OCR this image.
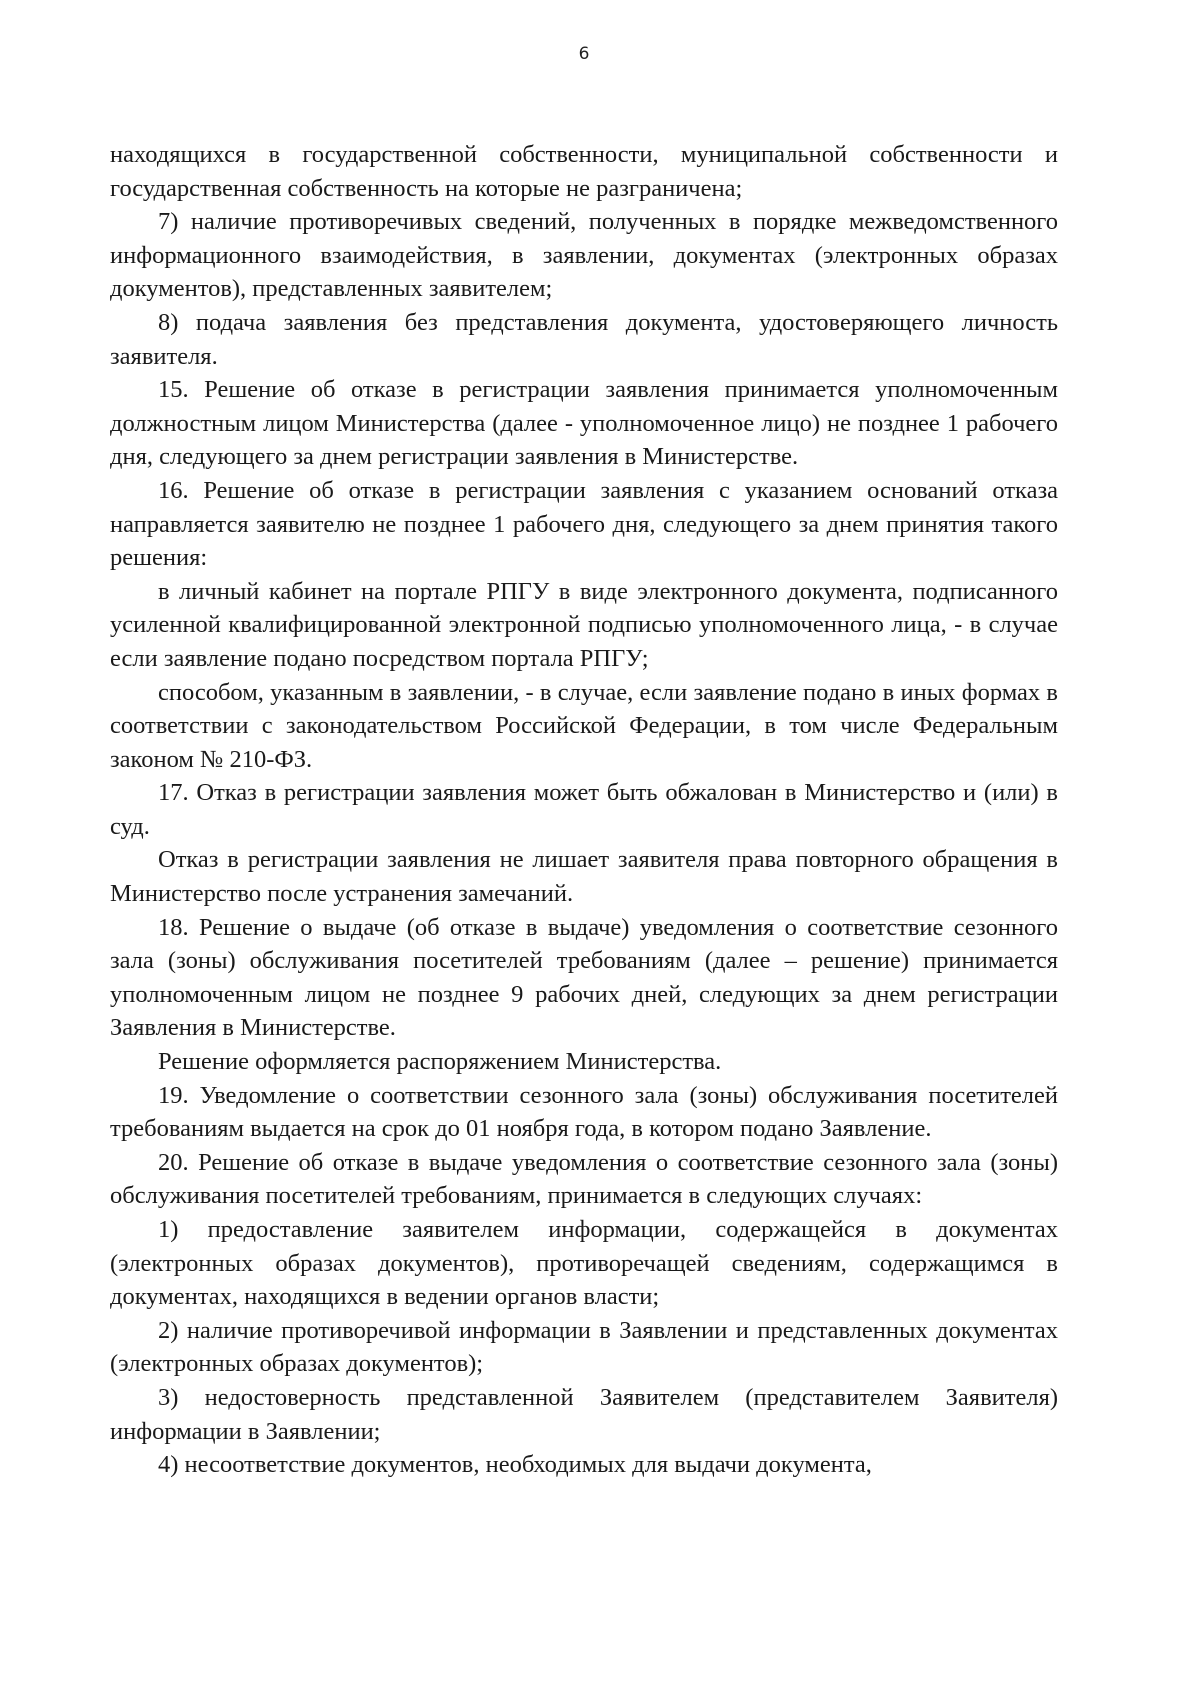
6

находящихся в государственной собственности, муниципальной собственности и государственная собственность на которые не разграничена;

7) наличие противоречивых сведений, полученных в порядке межведомственного информационного взаимодействия, в заявлении, документах (электронных образах документов), представленных заявителем;

8) подача заявления без представления документа, удостоверяющего личность заявителя.

15. Решение об отказе в регистрации заявления принимается уполномоченным должностным лицом Министерства (далее - уполномоченное лицо) не позднее 1 рабочего дня, следующего за днем регистрации заявления в Министерстве.

16. Решение об отказе в регистрации заявления с указанием оснований отказа направляется заявителю не позднее 1 рабочего дня, следующего за днем принятия такого решения:

в личный кабинет на портале РПГУ в виде электронного документа, подписанного усиленной квалифицированной электронной подписью уполномоченного лица, - в случае если заявление подано посредством портала РПГУ;

способом, указанным в заявлении, - в случае, если заявление подано в иных формах в соответствии с законодательством Российской Федерации, в том числе Федеральным законом № 210-ФЗ.

17. Отказ в регистрации заявления может быть обжалован в Министерство и (или) в суд.

Отказ в регистрации заявления не лишает заявителя права повторного обращения в Министерство после устранения замечаний.

18. Решение о выдаче (об отказе в выдаче) уведомления о соответствие сезонного зала (зоны) обслуживания посетителей требованиям (далее – решение) принимается уполномоченным лицом не позднее 9 рабочих дней, следующих за днем регистрации Заявления в Министерстве.

Решение оформляется распоряжением Министерства.

19. Уведомление о соответствии сезонного зала (зоны) обслуживания посетителей требованиям выдается на срок до 01 ноября года, в котором подано Заявление.

20. Решение об отказе в выдаче уведомления о соответствие сезонного зала (зоны) обслуживания посетителей требованиям, принимается в следующих случаях:

1) предоставление заявителем информации, содержащейся в документах (электронных образах документов), противоречащей сведениям, содержащимся в документах, находящихся в ведении органов власти;

2) наличие противоречивой информации в Заявлении и представленных документах (электронных образах документов);

3) недостоверность представленной Заявителем (представителем Заявителя) информации в Заявлении;

4) несоответствие документов, необходимых для выдачи документа,
